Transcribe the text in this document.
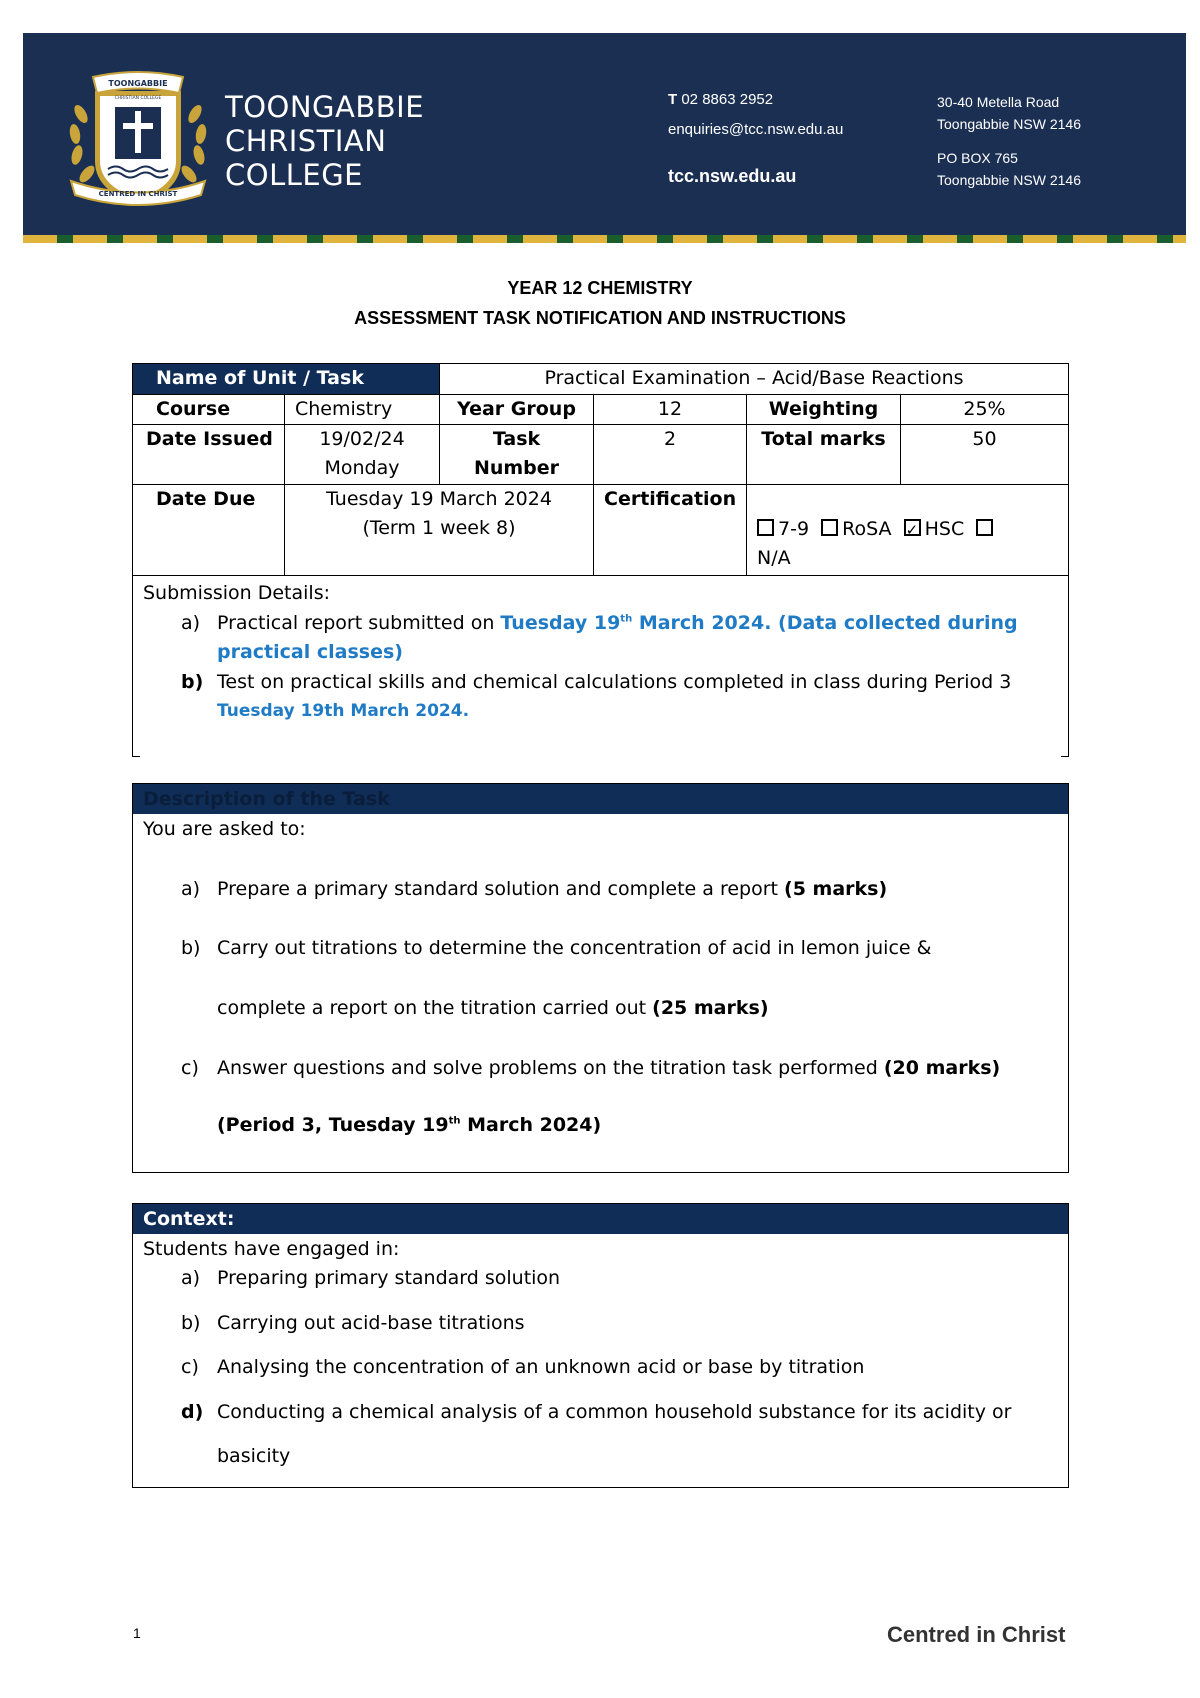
TOONGABBIE
CHRISTIAN COLLEGE
CENTRED IN CHRIST
TOONGABBIE
CHRISTIAN
COLLEGE
T 02 8863 2952
enquiries@tcc.nsw.edu.au
tcc.nsw.edu.au
30-40 Metella Road
Toongabbie NSW 2146
PO BOX 765
Toongabbie NSW 2146
YEAR 12 CHEMISTRY
ASSESSMENT TASK NOTIFICATION AND INSTRUCTIONS
Name of Unit / Task	Practical Examination – Acid/Base Reactions
Course	Chemistry	Year Group	12	Weighting	25%
Date Issued	19/02/24
Monday
Task
Number
2	Total marks	50
Date Due	Tuesday 19 March 2024
(Term 1 week 8)
Certification
7-9 RoSA  ✓ HSC
N/A
Submission Details:
a) Practical report submitted on Tuesday 19th March 2024. (Data collected during
practical classes)
b) Test on practical skills and chemical calculations completed in class during Period 3
Tuesday 19th March 2024.
Description of the Task
You are asked to:
a) Prepare a primary standard solution and complete a report (5 marks)
b) Carry out titrations to determine the concentration of acid in lemon juice &
complete a report on the titration carried out (25 marks)
c) Answer questions and solve problems on the titration task performed (20 marks)
(Period 3, Tuesday 19th March 2024)
Context:
Students have engaged in:
a) Preparing primary standard solution
b) Carrying out acid-base titrations
c) Analysing the concentration of an unknown acid or base by titration
d) Conducting a chemical analysis of a common household substance for its acidity or
basicity
1	Centred in Christ
